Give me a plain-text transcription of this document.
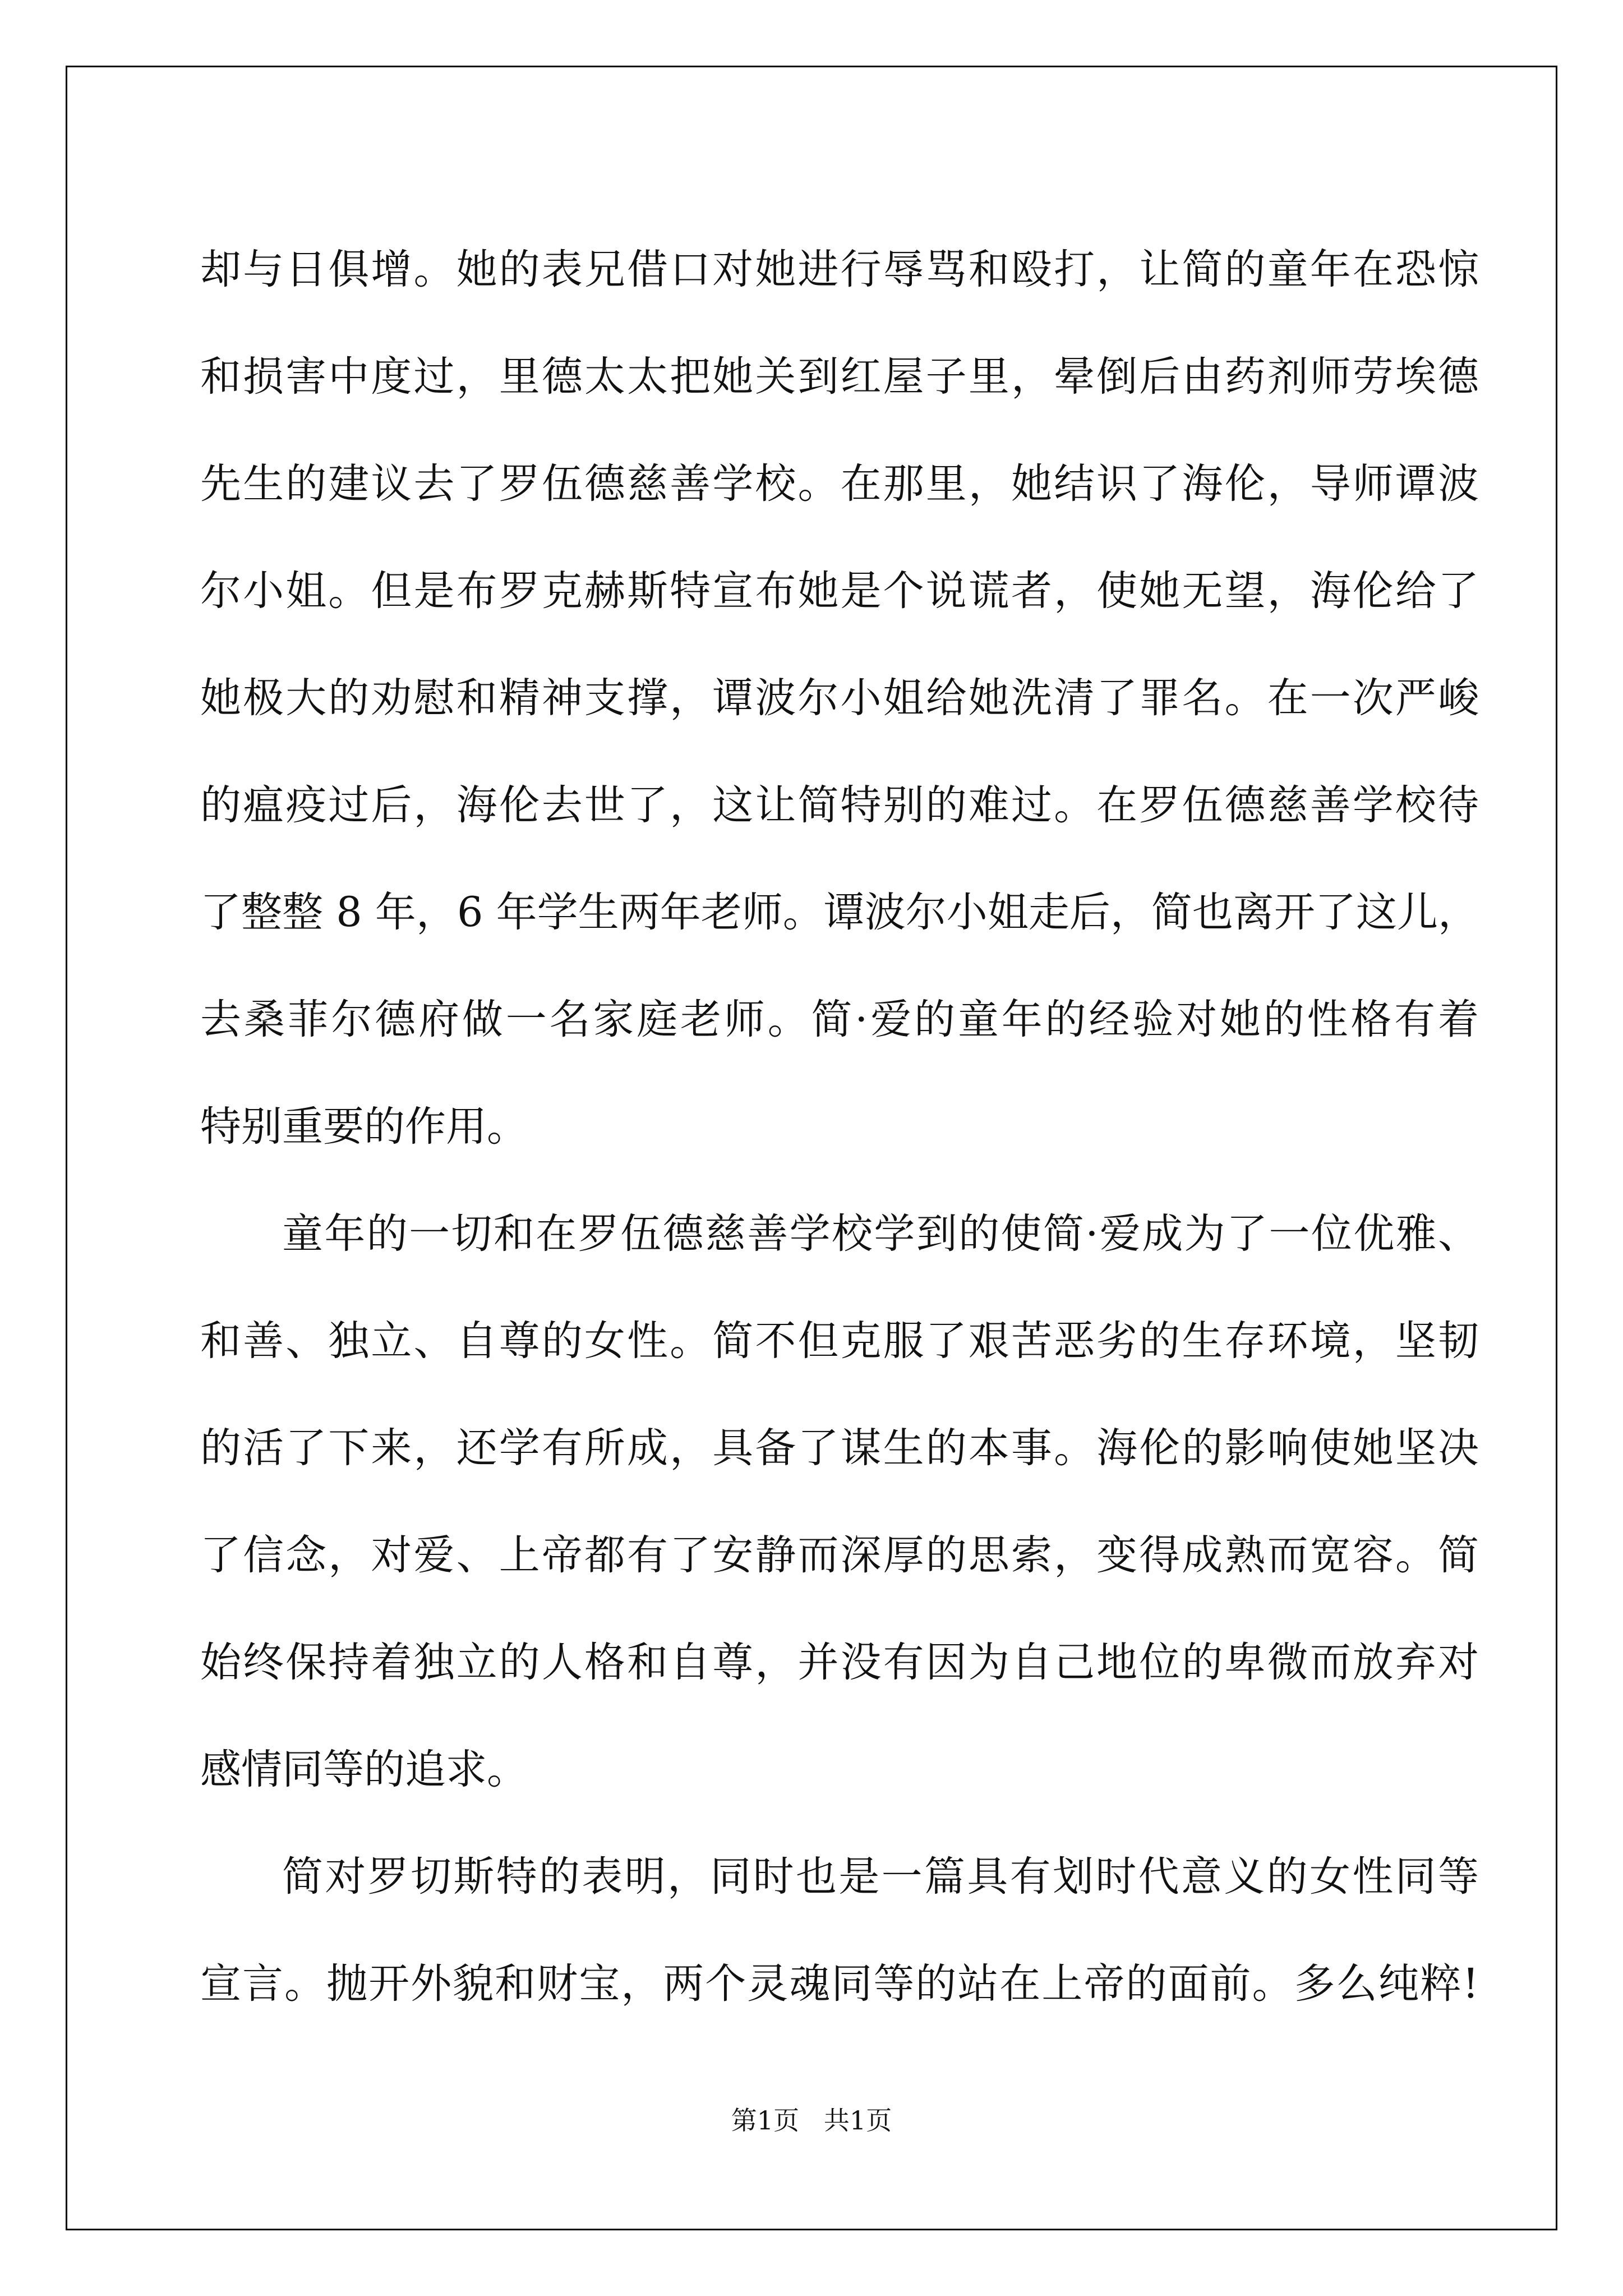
却与日俱增。她的表兄借口对她进行辱骂和殴打，让简的童年在恐惊
和损害中度过，里德太太把她关到红屋子里，晕倒后由药剂师劳埃德
先生的建议去了罗伍德慈善学校。在那里，她结识了海伦，导师谭波
尔小姐。但是布罗克赫斯特宣布她是个说谎者，使她无望，海伦给了
她极大的劝慰和精神支撑，谭波尔小姐给她洗清了罪名。在一次严峻
的瘟疫过后，海伦去世了，这让简特别的难过。在罗伍德慈善学校待
了整整 8 年，6 年学生两年老师。谭波尔小姐走后，简也离开了这儿，
去桑菲尔德府做一名家庭老师。简·爱的童年的经验对她的性格有着
特别重要的作用。
童年的一切和在罗伍德慈善学校学到的使简·爱成为了一位优雅、
和善、独立、自尊的女性。简不但克服了艰苦恶劣的生存环境，坚韧
的活了下来，还学有所成，具备了谋生的本事。海伦的影响使她坚决
了信念，对爱、上帝都有了安静而深厚的思索，变得成熟而宽容。简
始终保持着独立的人格和自尊，并没有因为自己地位的卑微而放弃对
感情同等的追求。
简对罗切斯特的表明，同时也是一篇具有划时代意义的女性同等
宣言。抛开外貌和财宝，两个灵魂同等的站在上帝的面前。多么纯粹!
第1页   共1页
